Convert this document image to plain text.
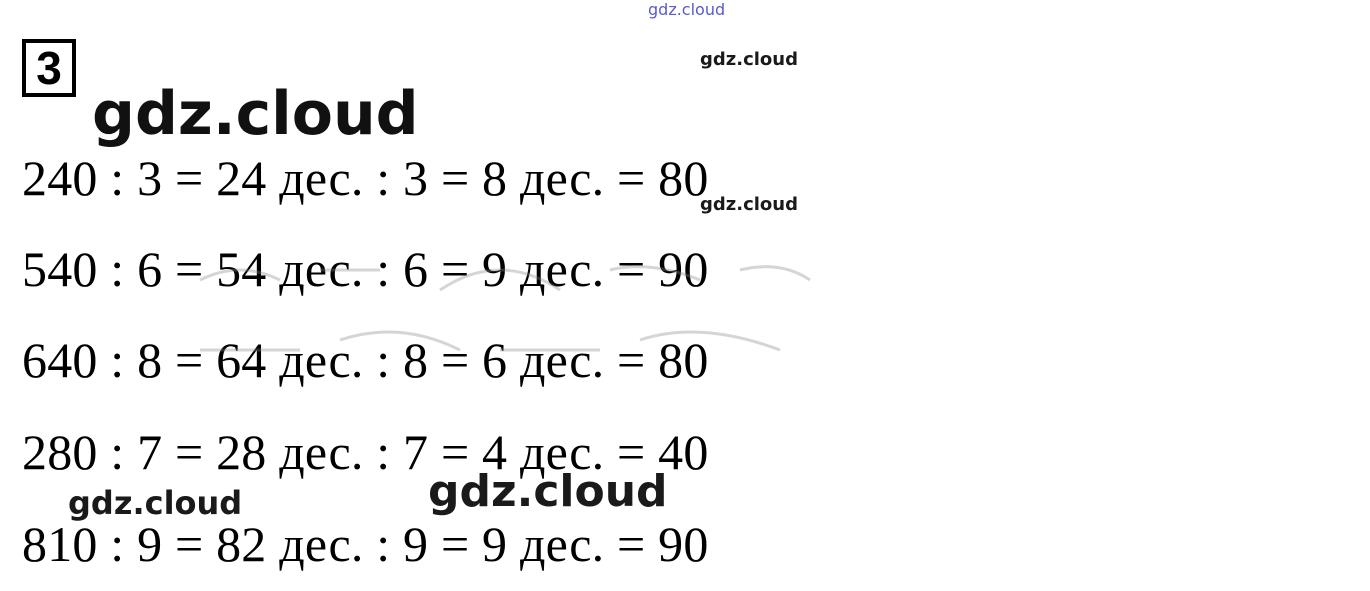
gdz.cloud
3
gdz.cloud
gdz.cloud
gdz.cloud
240 : 3 = 24 дес. : 3 = 8 дес. = 80
540 : 6 = 54 дес. : 6 = 9 дес. = 90
640 : 8 = 64 дес. : 8 = 6 дес. = 80
280 : 7 = 28 дес. : 7 = 4 дес. = 40
810 : 9 = 82 дес. : 9 = 9 дес. = 90
gdz.cloud	gdz.cloud
